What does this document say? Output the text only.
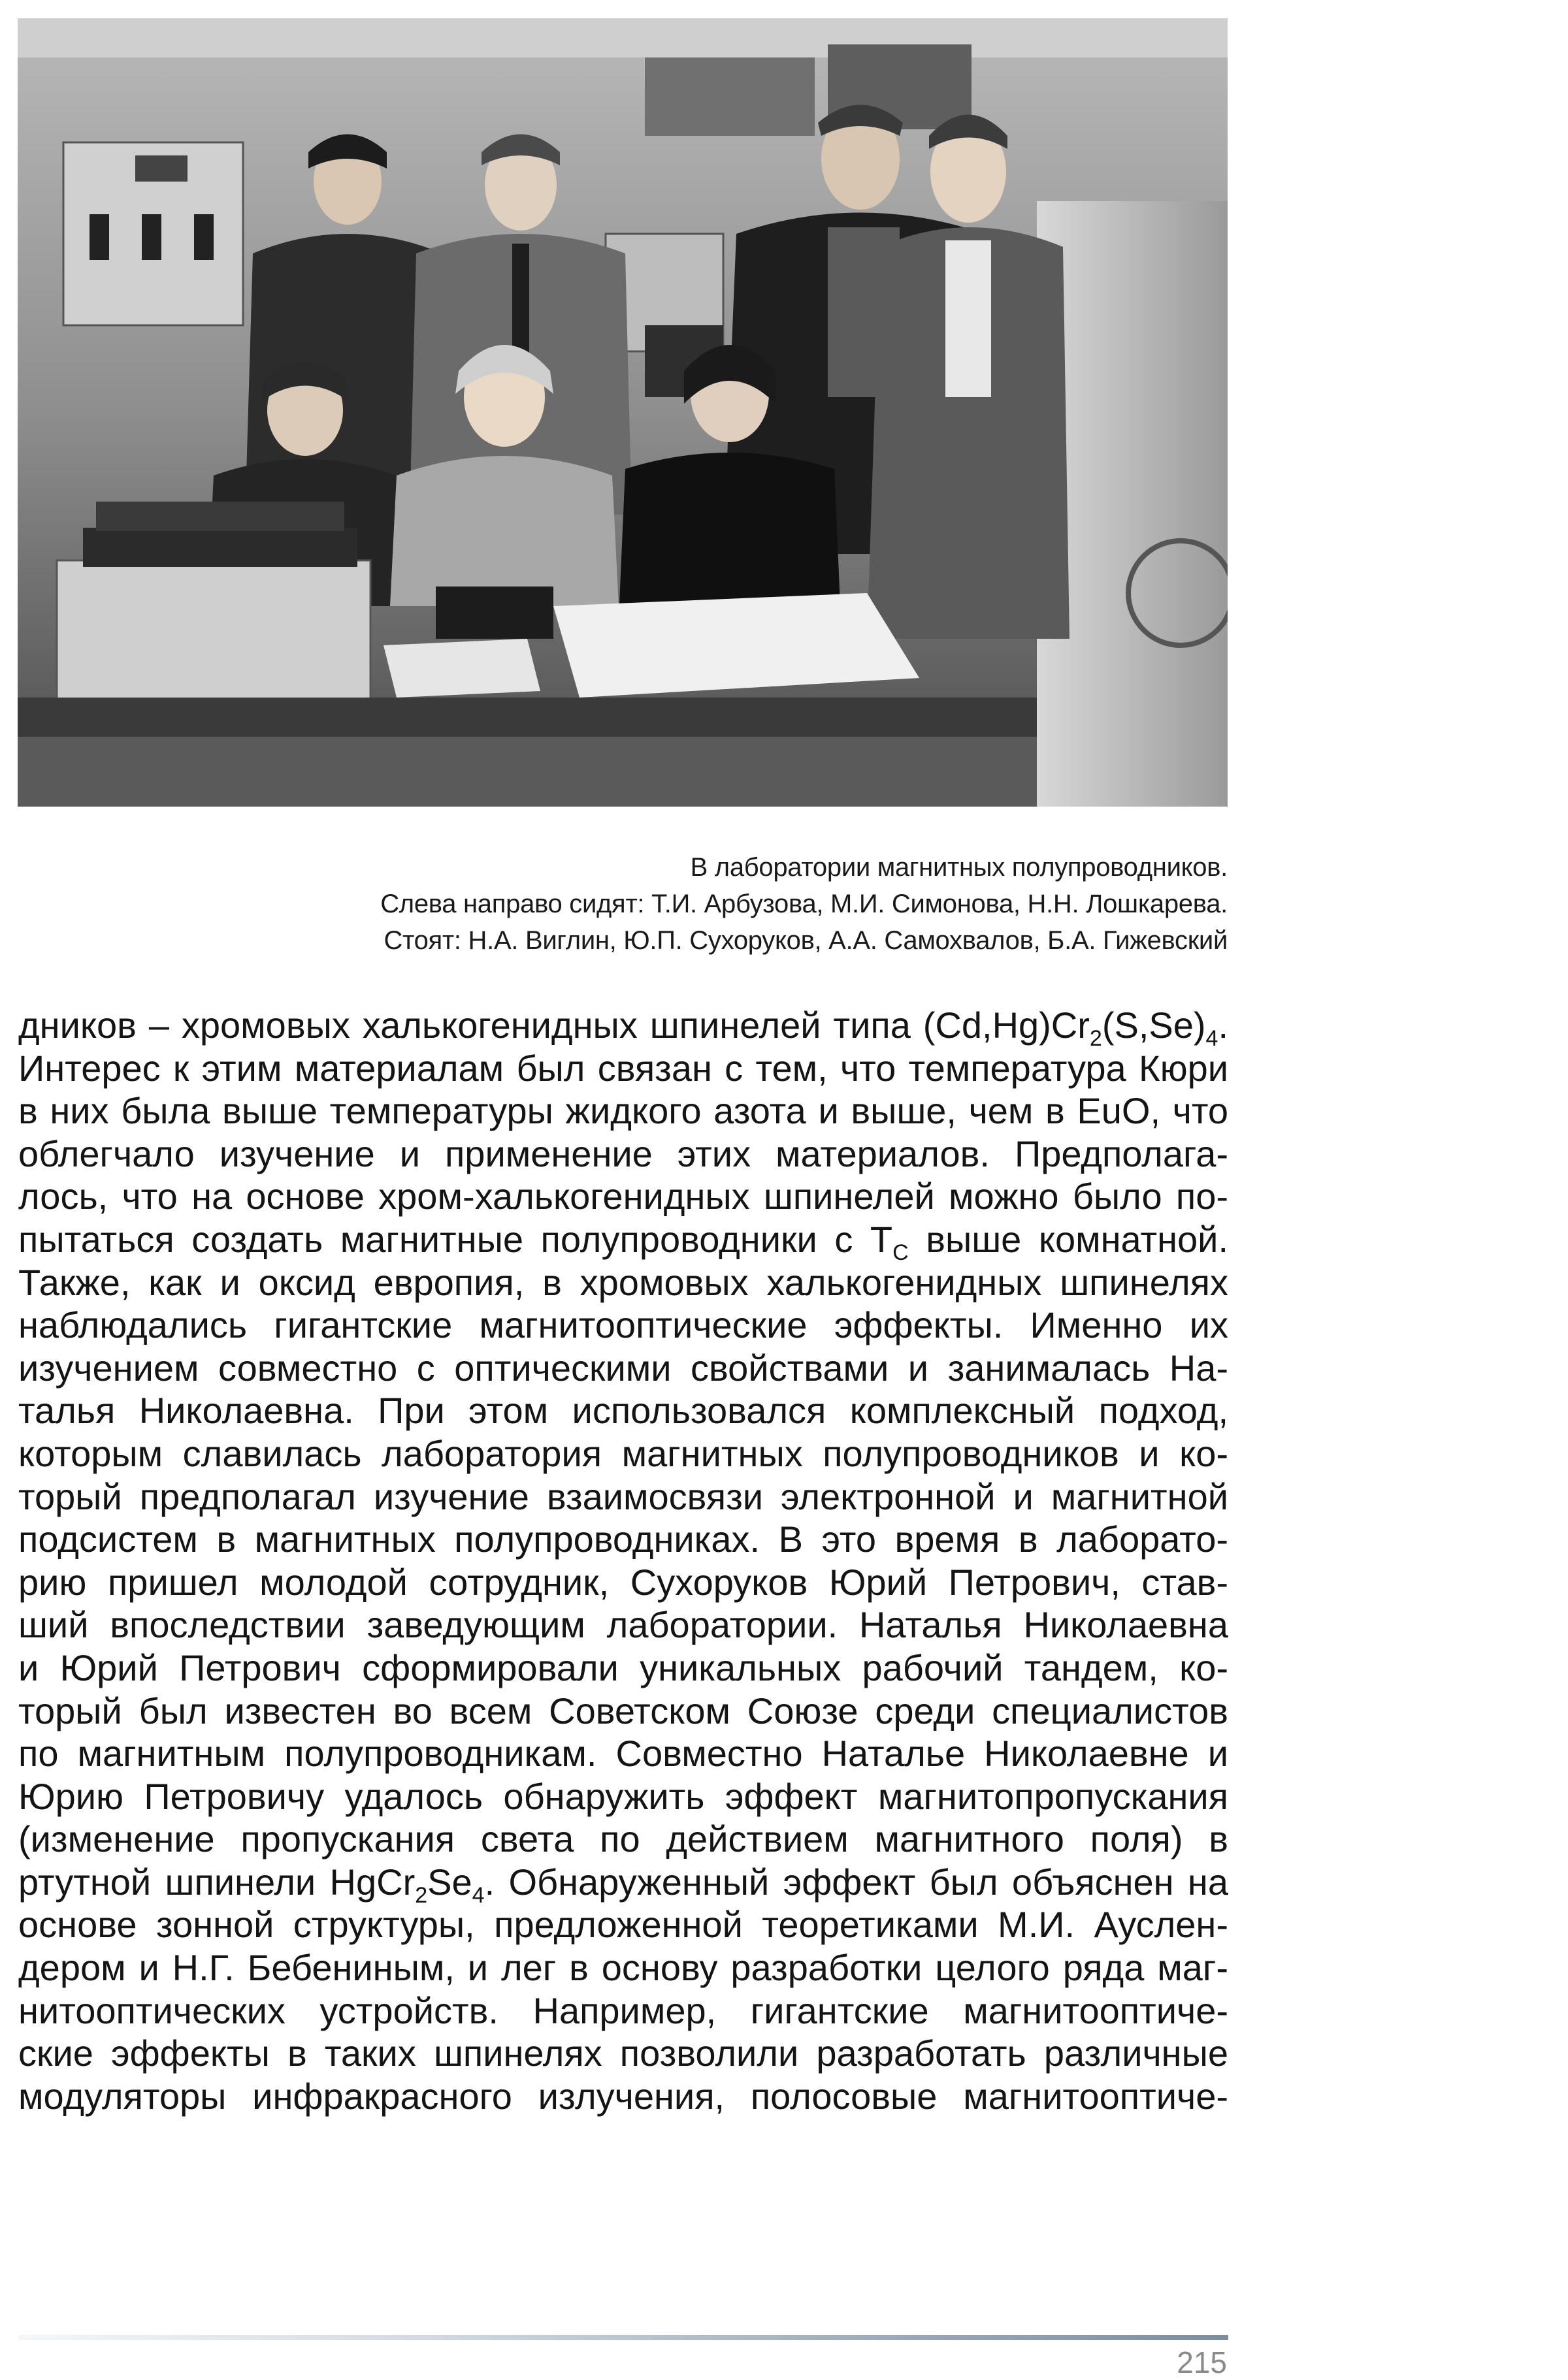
В лаборатории магнитных полупроводников.
Слева направо сидят: Т.И. Арбузова, М.И. Симонова, Н.Н. Лошкарева.
Стоят: Н.А. Виглин, Ю.П. Сухоруков, А.А. Самохвалов, Б.А. Гижевский
дников – хромовых халькогенидных шпинелей типа $(Cd,Hg)Cr_2(S,Se)_4$.
Интерес к этим материалам был связан с тем, что температура Кюри
в них была выше температуры жидкого азота и выше, чем в EuO, что
облегчало изучение и применение этих материалов. Предполага-
лось, что на основе хром-халькогенидных шпинелей можно было по-
пытаться создать магнитные полупроводники с $T_C$ выше комнатной.
Также, как и оксид европия, в хромовых халькогенидных шпинелях
наблюдались гигантские магнитооптические эффекты. Именно их
изучением совместно с оптическими свойствами и занималась На-
талья Николаевна. При этом использовался комплексный подход,
которым славилась лаборатория магнитных полупроводников и ко-
торый предполагал изучение взаимосвязи электронной и магнитной
подсистем в магнитных полупроводниках. В это время в лаборато-
рию пришел молодой сотрудник, Сухоруков Юрий Петрович, став-
ший впоследствии заведующим лаборатории. Наталья Николаевна
и Юрий Петрович сформировали уникальных рабочий тандем, ко-
торый был известен во всем Советском Союзе среди специалистов
по магнитным полупроводникам. Совместно Наталье Николаевне и
Юрию Петровичу удалось обнаружить эффект магнитопропускания
(изменение пропускания света по действием магнитного поля) в
ртутной шпинели $HgCr_2Se_4$. Обнаруженный эффект был объяснен на
основе зонной структуры, предложенной теоретиками М.И. Ауслен-
дером и Н.Г. Бебениным, и лег в основу разработки целого ряда маг-
нитооптических устройств. Например, гигантские магнитооптиче-
ские эффекты в таких шпинелях позволили разработать различные
модуляторы инфракрасного излучения, полосовые магнитооптиче-
215
